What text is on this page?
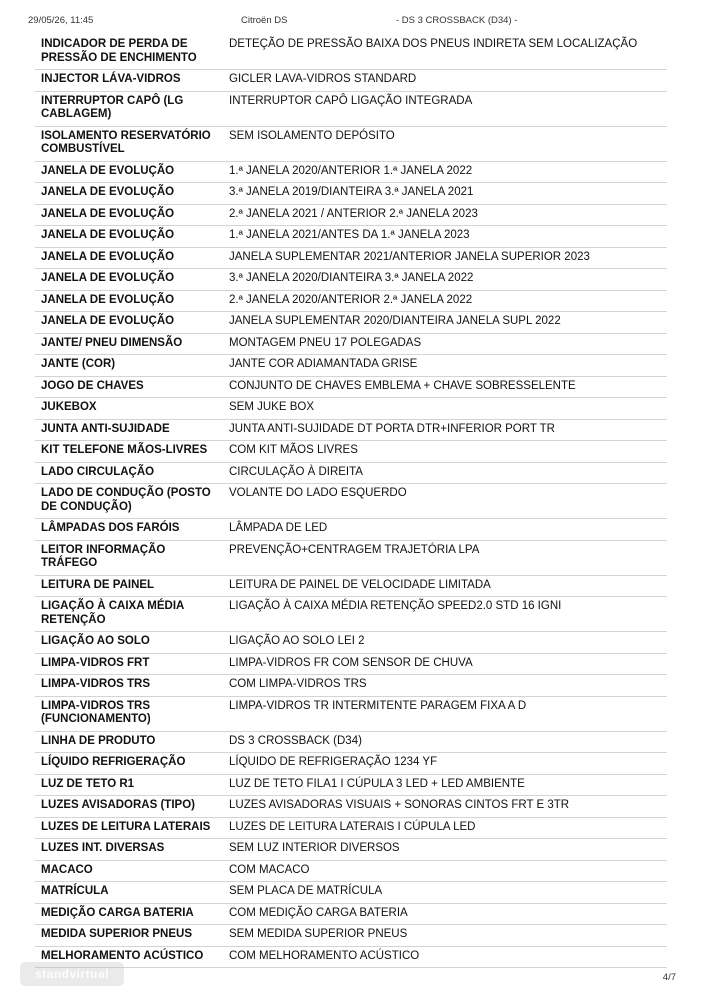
29/05/26, 11:45	Citroën DS	- DS 3 CROSSBACK (D34) -
INDICADOR DE PERDA DE PRESSÃO DE ENCHIMENTO	DETEÇÃO DE PRESSÃO BAIXA DOS PNEUS INDIRETA SEM LOCALIZAÇÃO
INJECTOR LÁVA-VIDROS	GICLER LAVA-VIDROS STANDARD
INTERRUPTOR CAPÔ (LG CABLAGEM)	INTERRUPTOR CAPÔ LIGAÇÃO INTEGRADA
ISOLAMENTO RESERVATÓRIO COMBUSTÍVEL	SEM ISOLAMENTO DEPÓSITO
JANELA DE EVOLUÇÃO	1.ª JANELA 2020/ANTERIOR 1.ª JANELA 2022
JANELA DE EVOLUÇÃO	3.ª JANELA 2019/DIANTEIRA 3.ª JANELA 2021
JANELA DE EVOLUÇÃO	2.ª JANELA 2021 / ANTERIOR 2.ª JANELA 2023
JANELA DE EVOLUÇÃO	1.ª JANELA 2021/ANTES DA 1.ª JANELA 2023
JANELA DE EVOLUÇÃO	JANELA SUPLEMENTAR 2021/ANTERIOR JANELA SUPERIOR 2023
JANELA DE EVOLUÇÃO	3.ª JANELA 2020/DIANTEIRA 3.ª JANELA 2022
JANELA DE EVOLUÇÃO	2.ª JANELA 2020/ANTERIOR 2.ª JANELA 2022
JANELA DE EVOLUÇÃO	JANELA SUPLEMENTAR 2020/DIANTEIRA JANELA SUPL 2022
JANTE/ PNEU DIMENSÃO	MONTAGEM PNEU 17 POLEGADAS
JANTE (COR)	JANTE COR ADIAMANTADA GRISE
JOGO DE CHAVES	CONJUNTO DE CHAVES EMBLEMA + CHAVE SOBRESSELENTE
JUKEBOX	SEM JUKE BOX
JUNTA ANTI-SUJIDADE	JUNTA ANTI-SUJIDADE DT PORTA DTR+INFERIOR PORT TR
KIT TELEFONE MÃOS-LIVRES	COM KIT MÃOS LIVRES
LADO CIRCULAÇÃO	CIRCULAÇÃO À DIREITA
LADO DE CONDUÇÃO (POSTO DE CONDUÇÃO)	VOLANTE DO LADO ESQUERDO
LÂMPADAS DOS FARÓIS	LÂMPADA DE LED
LEITOR INFORMAÇÃO TRÁFEGO	PREVENÇÃO+CENTRAGEM TRAJETÓRIA LPA
LEITURA DE PAINEL	LEITURA DE PAINEL DE VELOCIDADE LIMITADA
LIGAÇÃO À CAIXA MÉDIA RETENÇÃO	LIGAÇÃO À CAIXA MÉDIA RETENÇÃO SPEED2.0 STD 16 IGNI
LIGAÇÃO AO SOLO	LIGAÇÃO AO SOLO LEI 2
LIMPA-VIDROS FRT	LIMPA-VIDROS FR COM SENSOR DE CHUVA
LIMPA-VIDROS TRS	COM LIMPA-VIDROS TRS
LIMPA-VIDROS TRS (FUNCIONAMENTO)	LIMPA-VIDROS TR INTERMITENTE PARAGEM FIXA A D
LINHA DE PRODUTO	DS 3 CROSSBACK (D34)
LÍQUIDO REFRIGERAÇÃO	LÍQUIDO DE REFRIGERAÇÃO 1234 YF
LUZ DE TETO R1	LUZ DE TETO FILA1 I CÚPULA 3 LED + LED AMBIENTE
LUZES AVISADORAS (TIPO)	LUZES AVISADORAS VISUAIS + SONORAS CINTOS FRT E 3TR
LUZES DE LEITURA LATERAIS	LUZES DE LEITURA LATERAIS I CÚPULA LED
LUZES INT. DIVERSAS	SEM LUZ INTERIOR DIVERSOS
MACACO	COM MACACO
MATRÍCULA	SEM PLACA DE MATRÍCULA
MEDIÇÃO CARGA BATERIA	COM MEDIÇÃO CARGA BATERIA
MEDIDA SUPERIOR PNEUS	SEM MEDIDA SUPERIOR PNEUS
MELHORAMENTO ACÚSTICO	COM MELHORAMENTO ACÚSTICO
standvirtual	4/7
